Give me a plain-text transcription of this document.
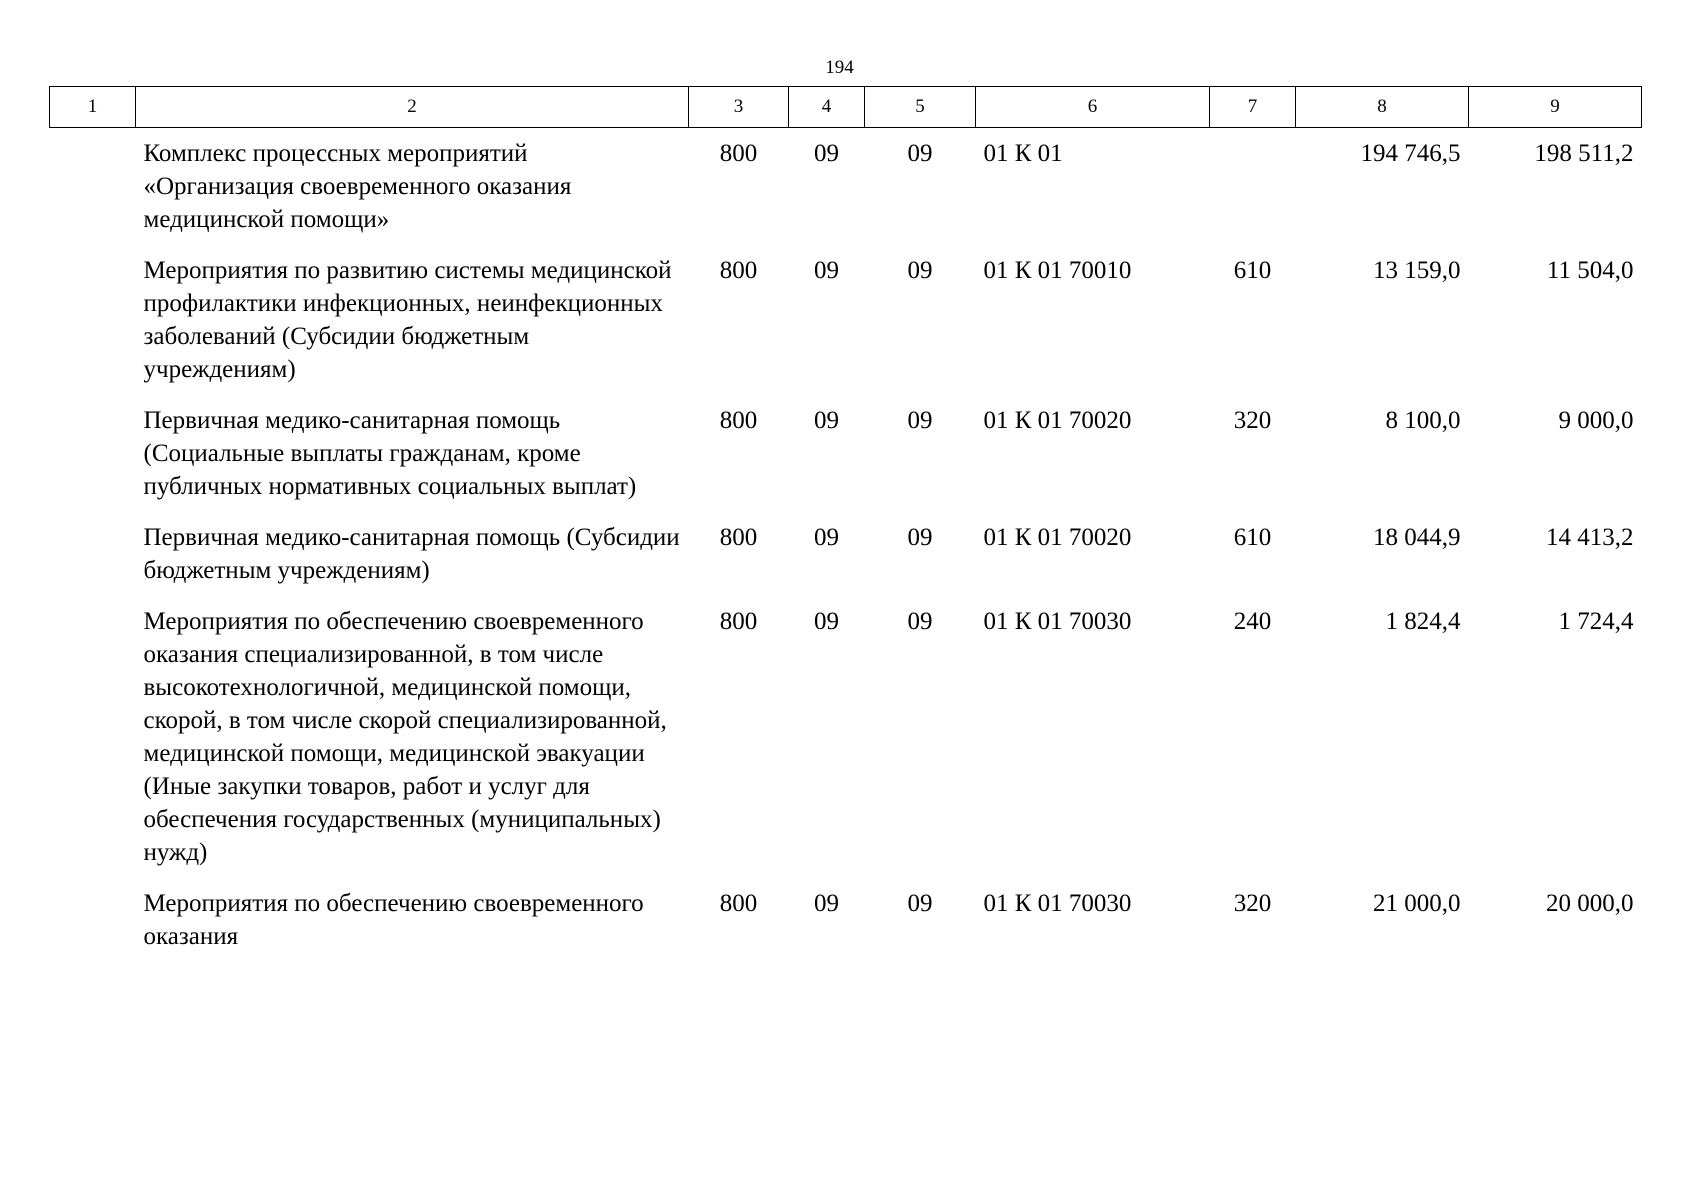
194
1	2	3	4	5	6	7	8	9
	Комплекс процессных мероприятий «Организация своевременного оказания медицинской помощи»	800	09	09	01 К 01		194 746,5	198 511,2
	Мероприятия по развитию системы медицинской профилактики инфекционных, неинфекционных заболеваний (Субсидии бюджетным учреждениям)	800	09	09	01 К 01 70010	610	13 159,0	11 504,0
	Первичная медико-санитарная помощь (Социальные выплаты гражданам, кроме публичных нормативных социальных выплат)	800	09	09	01 К 01 70020	320	8 100,0	9 000,0
	Первичная медико-санитарная помощь (Субсидии бюджетным учреждениям)	800	09	09	01 К 01 70020	610	18 044,9	14 413,2
	Мероприятия по обеспечению своевременного оказания специализированной, в том числе высокотехнологичной, медицинской помощи, скорой, в том числе скорой специализированной, медицинской помощи, медицинской эвакуации (Иные закупки товаров, работ и услуг для обеспечения государственных (муниципальных) нужд)	800	09	09	01 К 01 70030	240	1 824,4	1 724,4
	Мероприятия по обеспечению своевременного оказания	800	09	09	01 К 01 70030	320	21 000,0	20 000,0
